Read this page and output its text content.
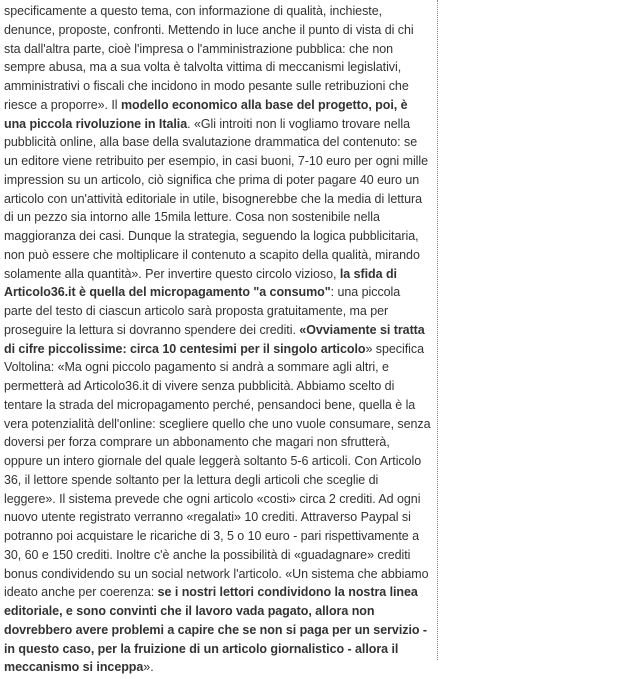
specificamente a questo tema, con informazione di qualità, inchieste, denunce, proposte, confronti. Mettendo in luce anche il punto di vista di chi sta dall'altra parte, cioè l'impresa o l'amministrazione pubblica: che non sempre abusa, ma a sua volta è talvolta vittima di meccanismi legislativi, amministrativi o fiscali che incidono in modo pesante sulle retribuzioni che riesce a proporre». Il modello economico alla base del progetto, poi, è una piccola rivoluzione in Italia. «Gli introiti non li vogliamo trovare nella pubblicità online, alla base della svalutazione drammatica del contenuto: se un editore viene retribuito per esempio, in casi buoni, 7-10 euro per ogni mille impression su un articolo, ciò significa che prima di poter pagare 40 euro un articolo con un'attività editoriale in utile, bisognerebbe che la media di lettura di un pezzo sia intorno alle 15mila letture. Cosa non sostenibile nella maggioranza dei casi. Dunque la strategia, seguendo la logica pubblicitaria, non può essere che moltiplicare il contenuto a scapito della qualità, mirando solamente alla quantità». Per invertire questo circolo vizioso, la sfida di Articolo36.it è quella del micropagamento "a consumo": una piccola parte del testo di ciascun articolo sarà proposta gratuitamente, ma per proseguire la lettura si dovranno spendere dei crediti. «Ovviamente si tratta di cifre piccolissime: circa 10 centesimi per il singolo articolo» specifica Voltolina: «Ma ogni piccolo pagamento si andrà a sommare agli altri, e permetterà ad Articolo36.it di vivere senza pubblicità. Abbiamo scelto di tentare la strada del micropagamento perché, pensandoci bene, quella è la vera potenzialità dell'online: scegliere quello che uno vuole consumare, senza doversi per forza comprare un abbonamento che magari non sfrutterà, oppure un intero giornale del quale leggerà soltanto 5-6 articoli. Con Articolo 36, il lettore spende soltanto per la lettura degli articoli che sceglie di leggere». Il sistema prevede che ogni articolo «costi» circa 2 crediti. Ad ogni nuovo utente registrato verranno «regalati» 10 crediti. Attraverso Paypal si potranno poi acquistare le ricariche di 3, 5 o 10 euro - pari rispettivamente a 30, 60 e 150 crediti. Inoltre c'è anche la possibilità di «guadagnare» crediti bonus condividendo su un social network l'articolo. «Un sistema che abbiamo ideato anche per coerenza: se i nostri lettori condividono la nostra linea editoriale, e sono convinti che il lavoro vada pagato, allora non dovrebbero avere problemi a capire che se non si paga per un servizio - in questo caso, per la fruizione di un articolo giornalistico - allora il meccanismo si inceppa».
